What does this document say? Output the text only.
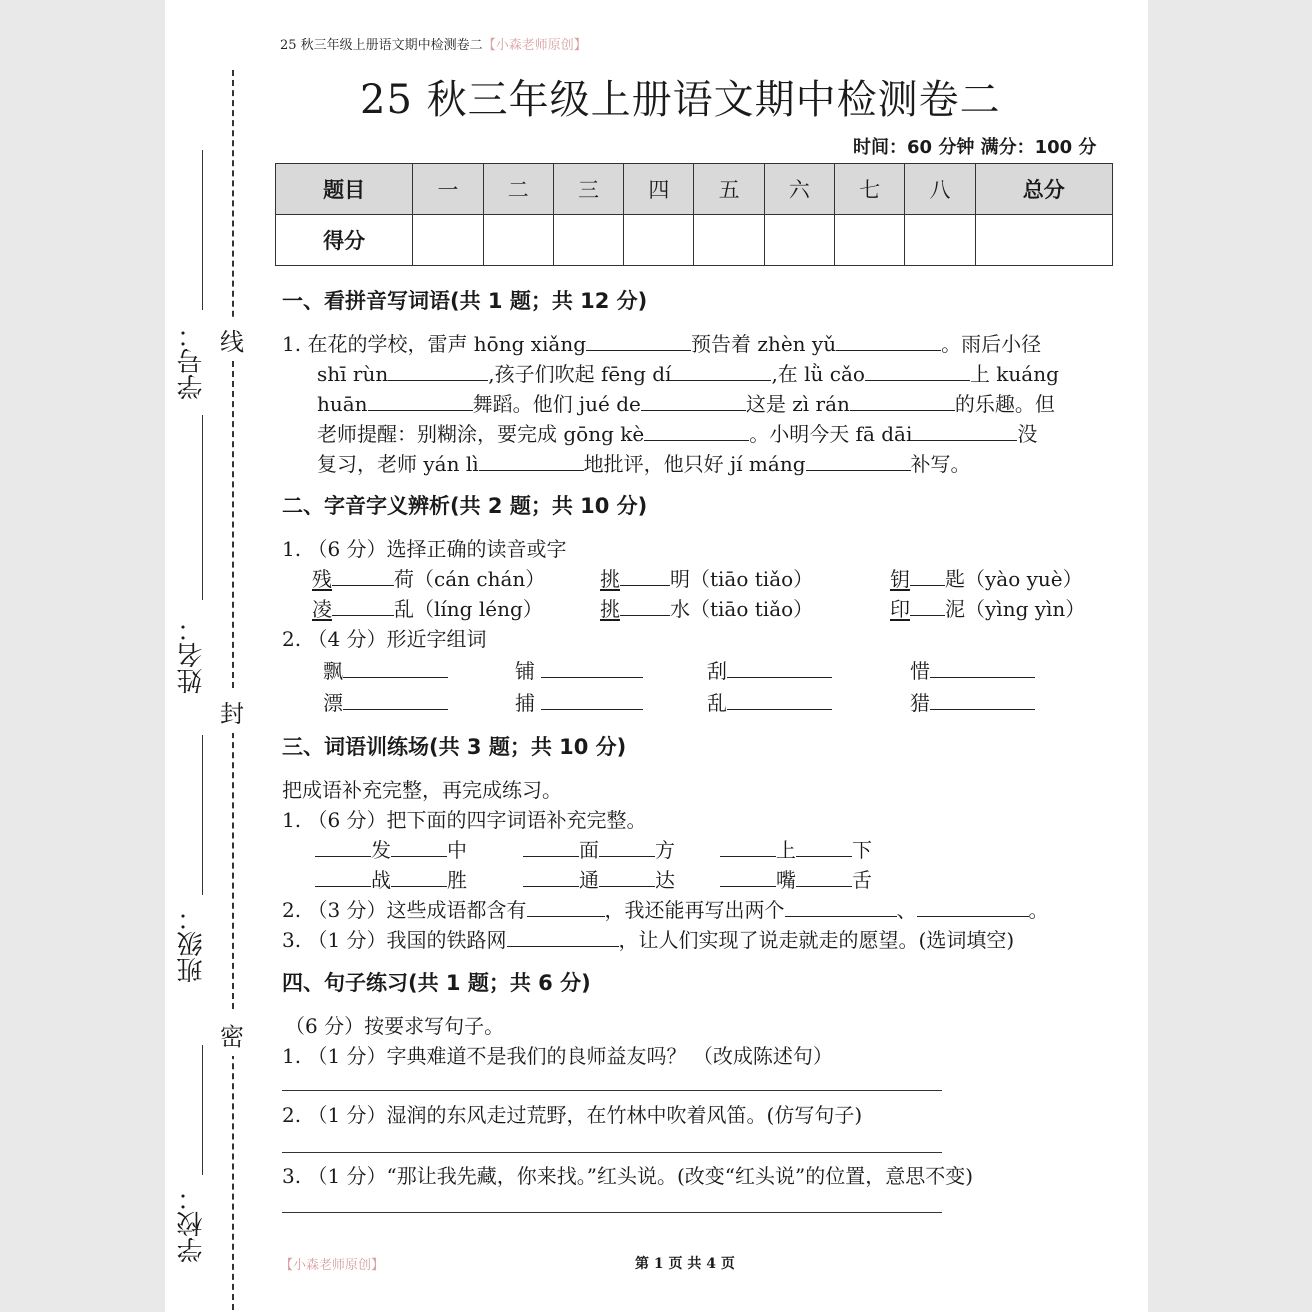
25 秋三年级上册语文期中检测卷二【小森老师原创】
25 秋三年级上册语文期中检测卷二
时间：60 分钟 满分：100 分
学号：
姓名：
班级：
学校：
线
封
密
题目	一	二	三	四	五	六	七	八	总分
得分									
一、看拼音写词语(共 1 题；共 12 分)
1. 在花的学校，雷声 hōng xiǎng	预告着 zhèn yǔ	。雨后小径
shī rùn	,孩子们吹起 fēng dí	,在 lǜ cǎo	上 kuáng
huān	舞蹈。他们 jué de	这是 zì rán	的乐趣。但
老师提醒：别糊涂，要完成 gōng kè	。小明今天 fā dāi	没
复习，老师 yán lì	地批评，他只好 jí máng	补写。
二、字音字义辨析(共 2 题；共 10 分)
1. （6 分）选择正确的读音或字
残	荷（cán chán）	挑	明（tiāo tiǎo）	钥 匙（yào yuè）
凌	乱（líng léng）	挑	水（tiāo tiǎo）	印 泥（yìng yìn）
2. （4 分）形近字组词
飘	铺	刮	惜
漂	捕	乱	猎
三、词语训练场(共 3 题；共 10 分)
把成语补充完整，再完成练习。
1. （6 分）把下面的四字词语补充完整。
发	中	面	方	上	下
战	胜	通	达	嘴	舌
2. （3 分）这些成语都含有	，我还能再写出两个	、	。
3. （1 分）我国的铁路网	，让人们实现了说走就走的愿望。(选词填空)
四、句子练习(共 1 题；共 6 分)
（6 分）按要求写句子。
1. （1 分）字典难道不是我们的良师益友吗？ （改成陈述句）
2. （1 分）湿润的东风走过荒野，在竹林中吹着风笛。(仿写句子)
3. （1 分）“那让我先藏，你来找。”红头说。(改变“红头说”的位置，意思不变)
【小森老师原创】	第 1 页 共 4 页
